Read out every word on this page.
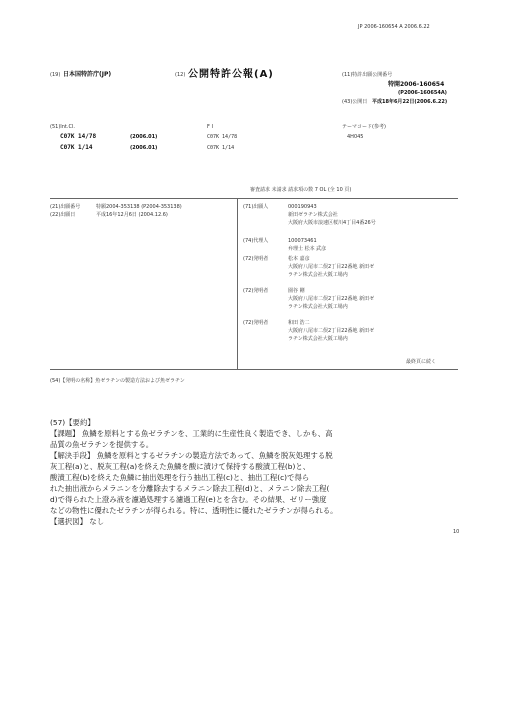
JP 2006-160654 A 2006.6.22
(19) 日本国特許庁(JP)	(12) 公開特許公報(A)	(11)特許出願公開番号
特開2006-160654
(P2006-160654A)
(43)公開日 平成18年6月22日(2006.6.22)
(51)Int.Cl.	F I	テーマコード(参考)
C07K 14/78	(2006.01)	C07K 14/78	4H045
C07K 1/14	(2006.01)	C07K 1/14
審査請求 未請求 請求項の数 7 OL (全 10 頁)
(21)出願番号	特願2004-353138 (P2004-353138)
(22)出願日	平成16年12月6日 (2004.12.6)
(71)出願人	000190943
新田ゼラチン株式会社
大阪府大阪市浪速区桜川4丁目4番26号
(74)代理人	100073461
弁理士 松本 武彦
(72)発明者	松本 嘉彦
大阪府八尾市二俣2丁目22番地 新田ゼ
ラチン株式会社大阪工場内
(72)発明者	園谷 剛
大阪府八尾市二俣2丁目22番地 新田ゼ
ラチン株式会社大阪工場内
(72)発明者	和田 浩二
大阪府八尾市二俣2丁目22番地 新田ゼ
ラチン株式会社大阪工場内
最終頁に続く
(54)【発明の名称】魚ゼラチンの製造方法および魚ゼラチン
(57)【要約】
【課題】 魚鱗を原料とする魚ゼラチンを、工業的に生産性良く製造でき、しかも、高
品質の魚ゼラチンを提供する。
【解決手段】 魚鱗を原料とするゼラチンの製造方法であって、魚鱗を脱灰処理する脱
灰工程(a)と、脱灰工程(a)を終えた魚鱗を酸に漬けて保持する酸漬工程(b)と、
酸漬工程(b)を終えた魚鱗に抽出処理を行う抽出工程(c)と、抽出工程(c)で得ら
れた抽出液からメラニンを分離除去するメラニン除去工程(d)と、メラニン除去工程(
d)で得られた上澄み液を濾過処理する濾過工程(e)とを含む。その結果、ゼリー強度
などの物性に優れたゼラチンが得られる。特に、透明性に優れたゼラチンが得られる。
【選択図】 なし
10
